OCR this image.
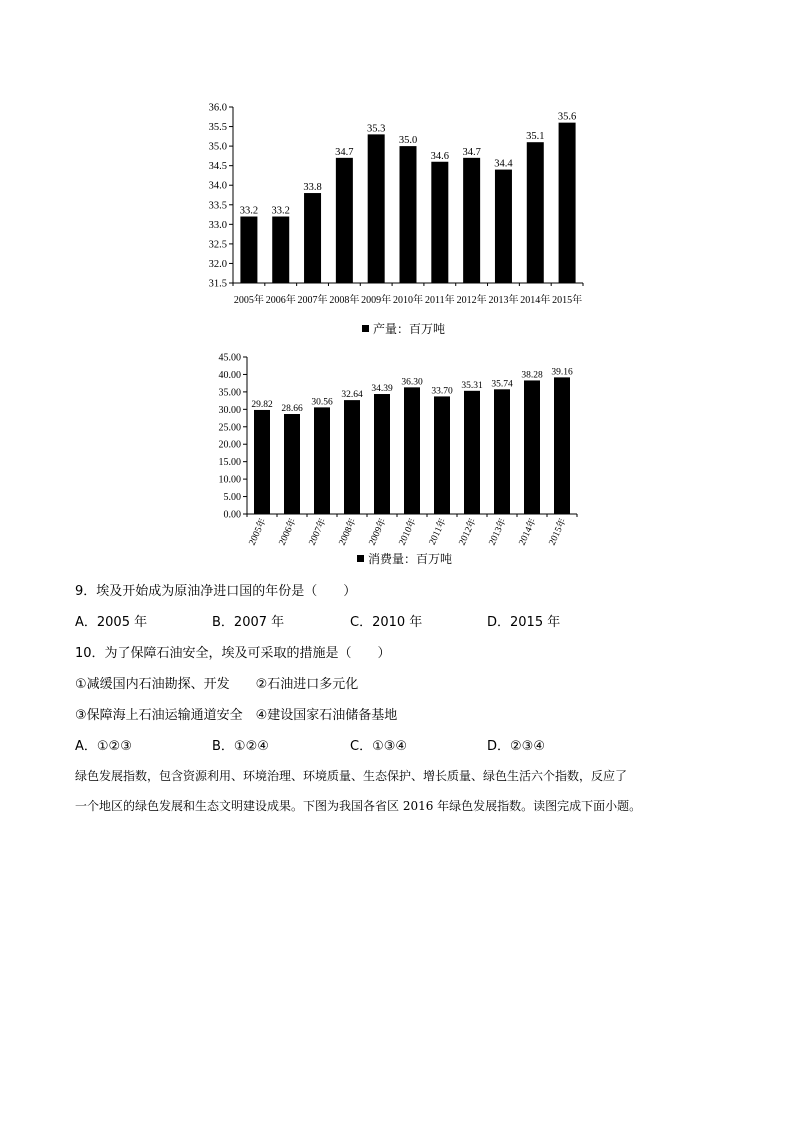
31.5
32.0
32.5
33.0
33.5
34.0
34.5
35.0
35.5
36.0
33.2
2005年
33.2
2006年
33.8
2007年
34.7
2008年
35.3
2009年
35.0
2010年
34.6
2011年
34.7
2012年
34.4
2013年
35.1
2014年
35.6
2015年
产量：百万吨
0.00
5.00
10.00
15.00
20.00
25.00
30.00
35.00
40.00
45.00
29.82
2005年
28.66
2006年
30.56
2007年
32.64
2008年
34.39
2009年
36.30
2010年
33.70
2011年
35.31
2012年
35.74
2013年
38.28
2014年
39.16
2015年
消费量：百万吨
9．埃及开始成为原油净进口国的年份是（　　）
A．2005 年	B．2007 年	C．2010 年	D．2015 年
10．为了保障石油安全，埃及可采取的措施是（　　）
①减缓国内石油勘探、开发　　②石油进口多元化
③保障海上石油运输通道安全　④建设国家石油储备基地
A．①②③	B．①②④	C．①③④	D．②③④
绿色发展指数，包含资源利用、环境治理、环境质量、生态保护、增长质量、绿色生活六个指数，反应了
一个地区的绿色发展和生态文明建设成果。下图为我国各省区 2016 年绿色发展指数。读图完成下面小题。
